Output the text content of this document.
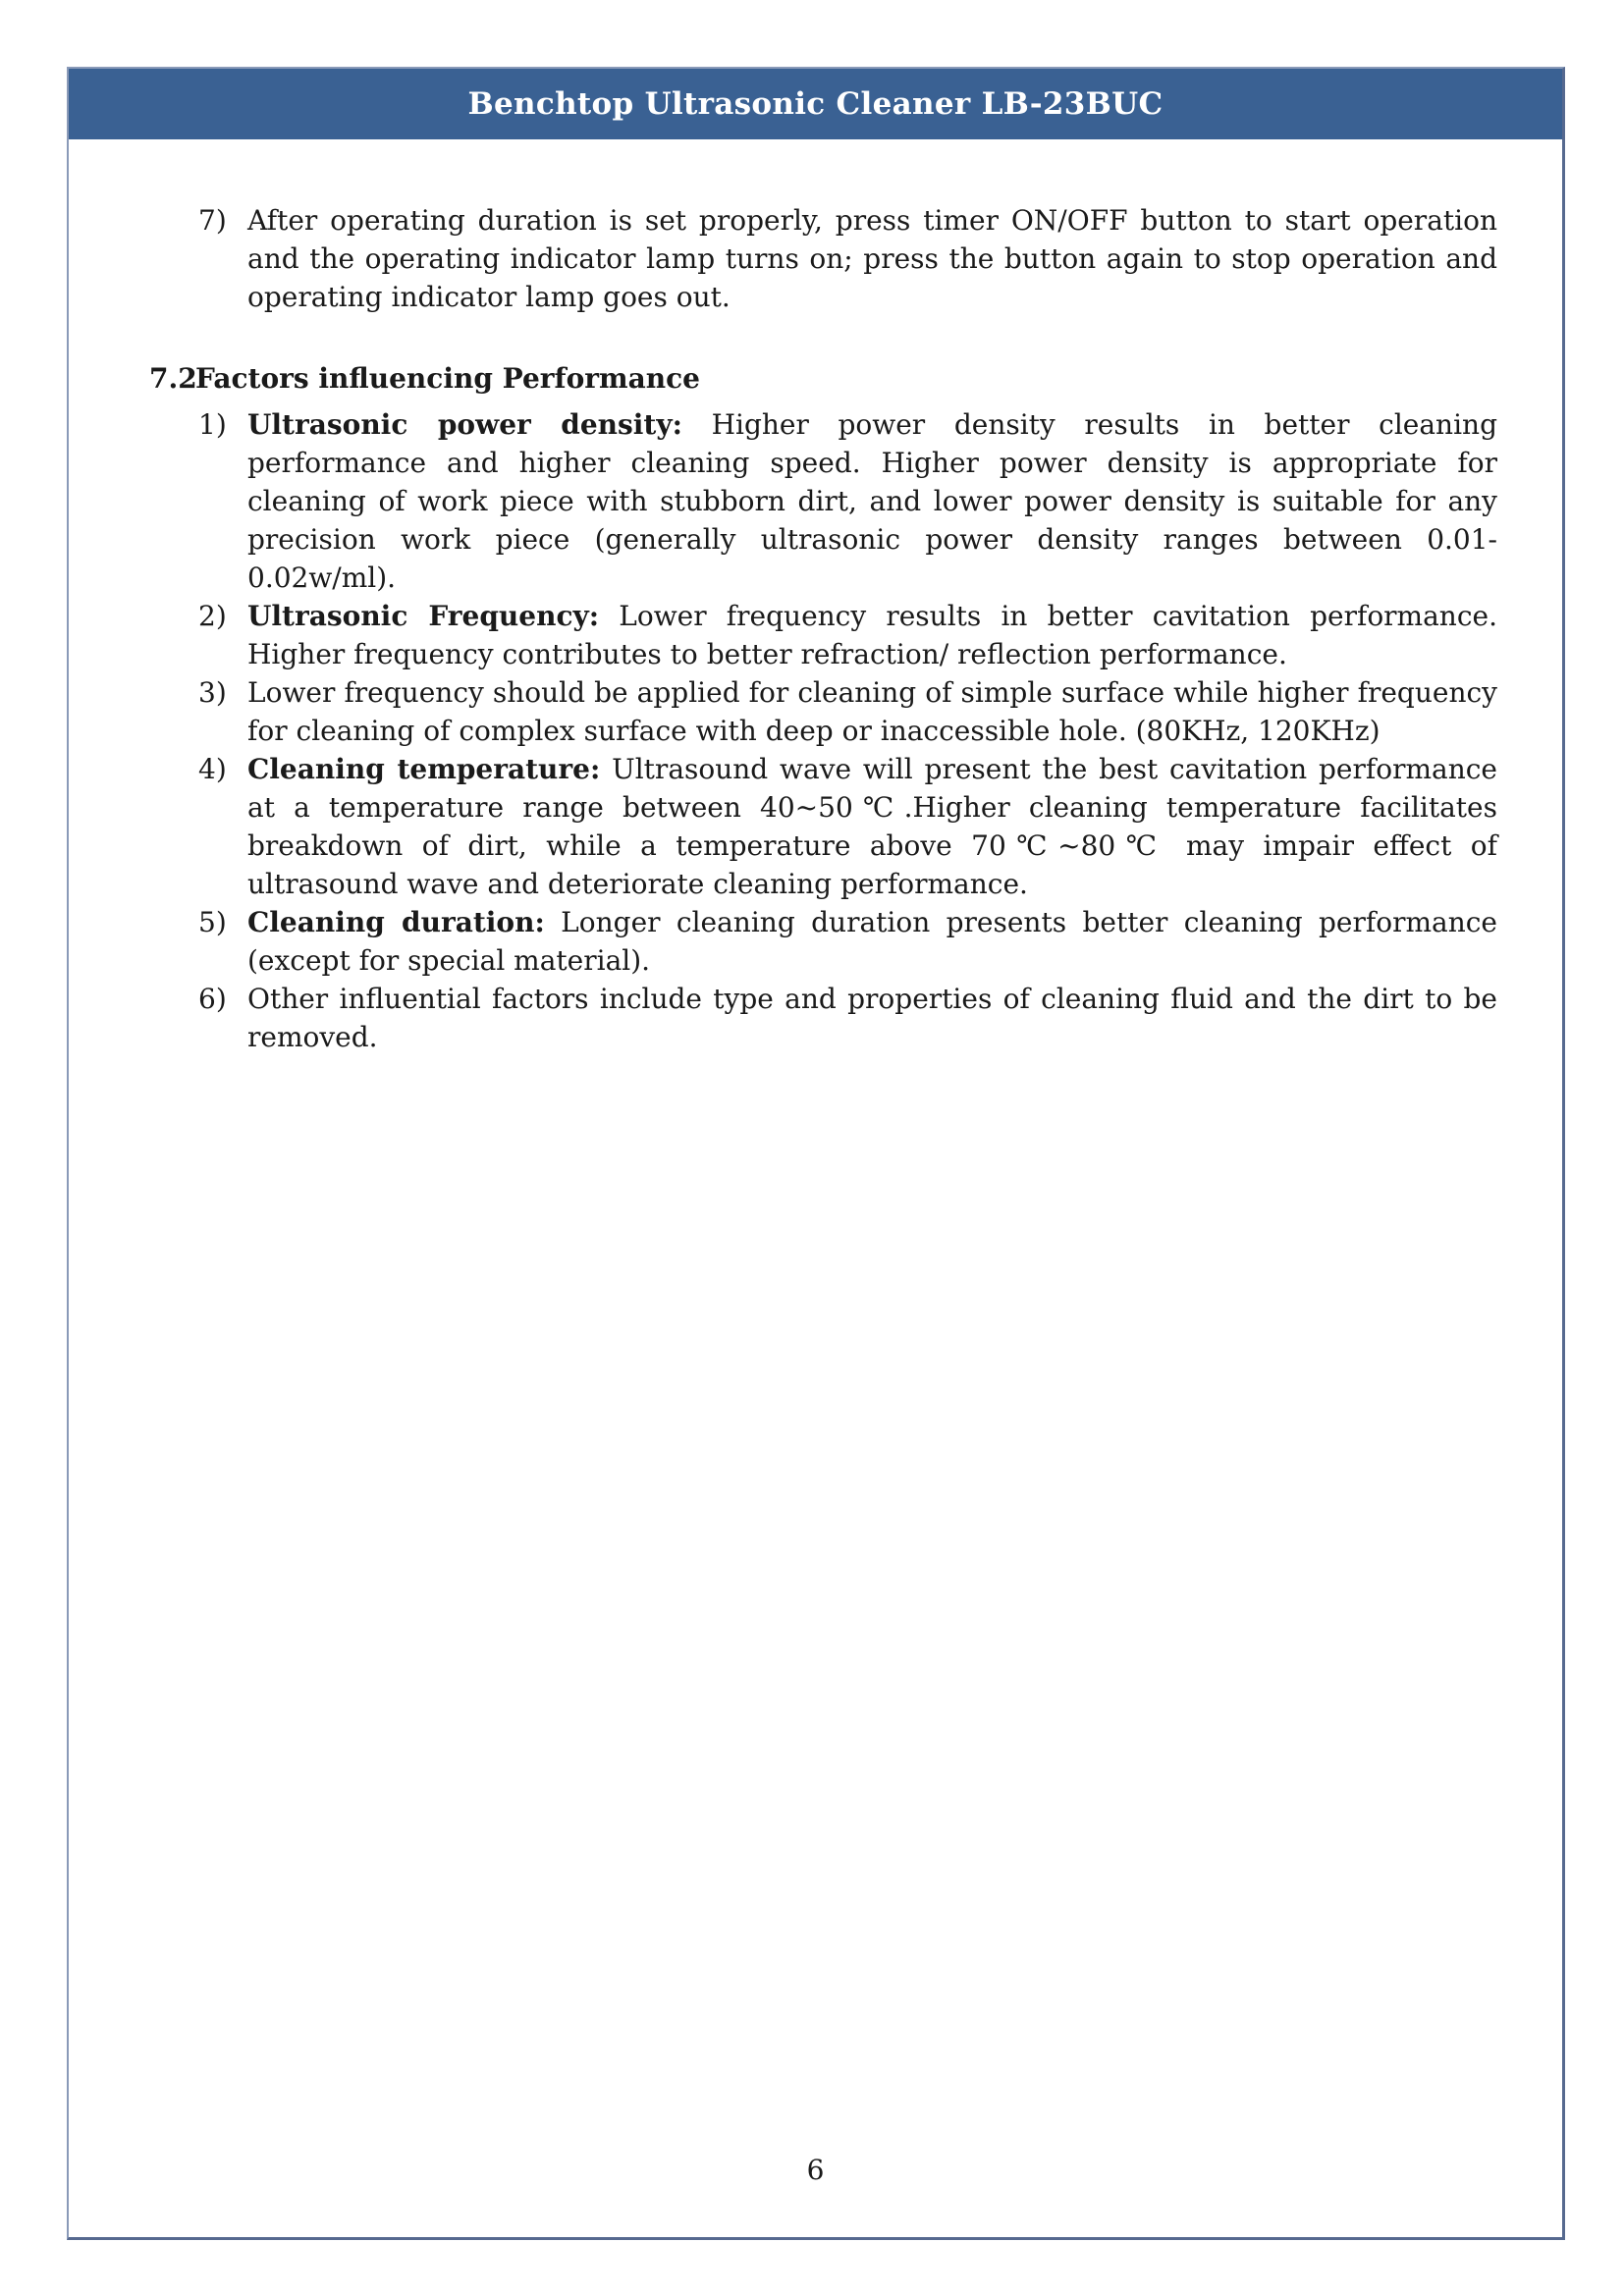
Benchtop Ultrasonic Cleaner LB-23BUC
6
7) After operating duration is set properly, press timer ON/OFF button to start operation and the operating indicator lamp turns on; press the button again to stop operation and operating indicator lamp goes out.
7.2Factors influencing Performance
1) Ultrasonic power density: Higher power density results in better cleaning performance and higher cleaning speed. Higher power density is appropriate for cleaning of work piece with stubborn dirt, and lower power density is suitable for any precision work piece (generally ultrasonic power density ranges between 0.01-0.02w/ml).
2) Ultrasonic Frequency: Lower frequency results in better cavitation performance. Higher frequency contributes to better refraction/ reflection performance.
3) Lower frequency should be applied for cleaning of simple surface while higher frequency for cleaning of complex surface with deep or inaccessible hole. (80KHz, 120KHz)
4) Cleaning temperature: Ultrasound wave will present the best cavitation performance at a temperature range between 40~50℃.Higher cleaning temperature facilitates breakdown of dirt, while a temperature above 70℃~80℃ may impair effect of ultrasound wave and deteriorate cleaning performance.
5) Cleaning duration: Longer cleaning duration presents better cleaning performance (except for special material).
6) Other influential factors include type and properties of cleaning fluid and the dirt to be removed.
